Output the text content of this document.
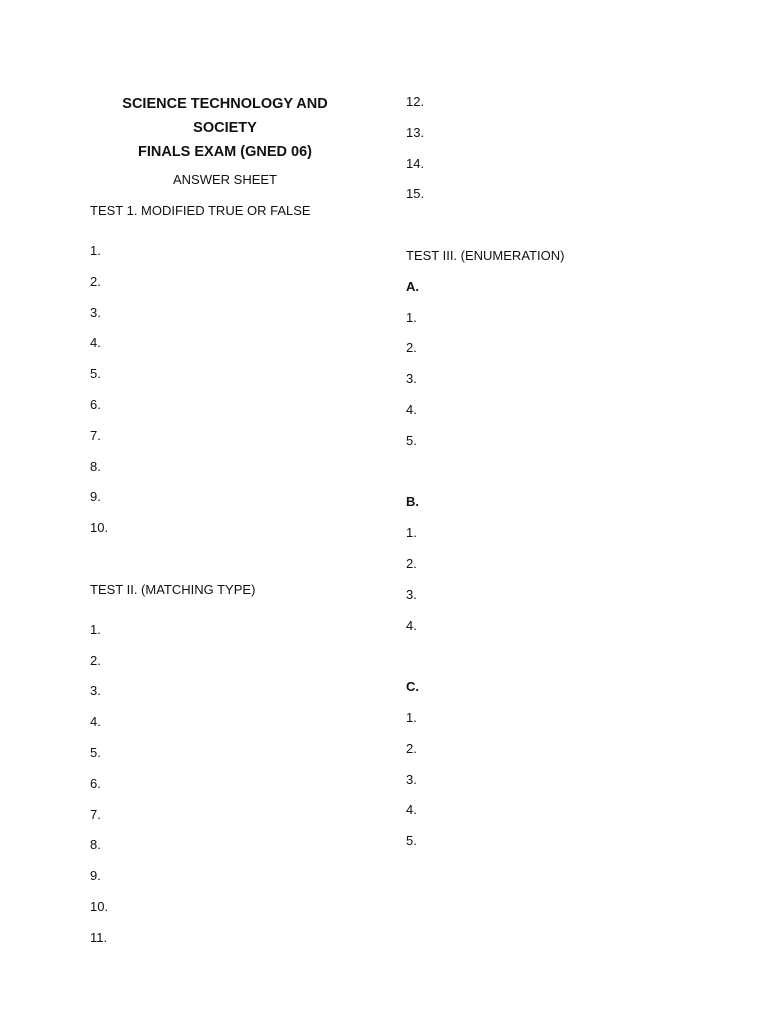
SCIENCE TECHNOLOGY AND SOCIETY
FINALS EXAM (GNED 06)
ANSWER SHEET
TEST 1. MODIFIED TRUE OR FALSE
1.
2.
3.
4.
5.
6.
7.
8.
9.
10.
TEST II. (MATCHING TYPE)
1.
2.
3.
4.
5.
6.
7.
8.
9.
10.
11.
12.
13.
14.
15.
TEST III. (ENUMERATION)
A.
1.
2.
3.
4.
5.
B.
1.
2.
3.
4.
C.
1.
2.
3.
4.
5.
